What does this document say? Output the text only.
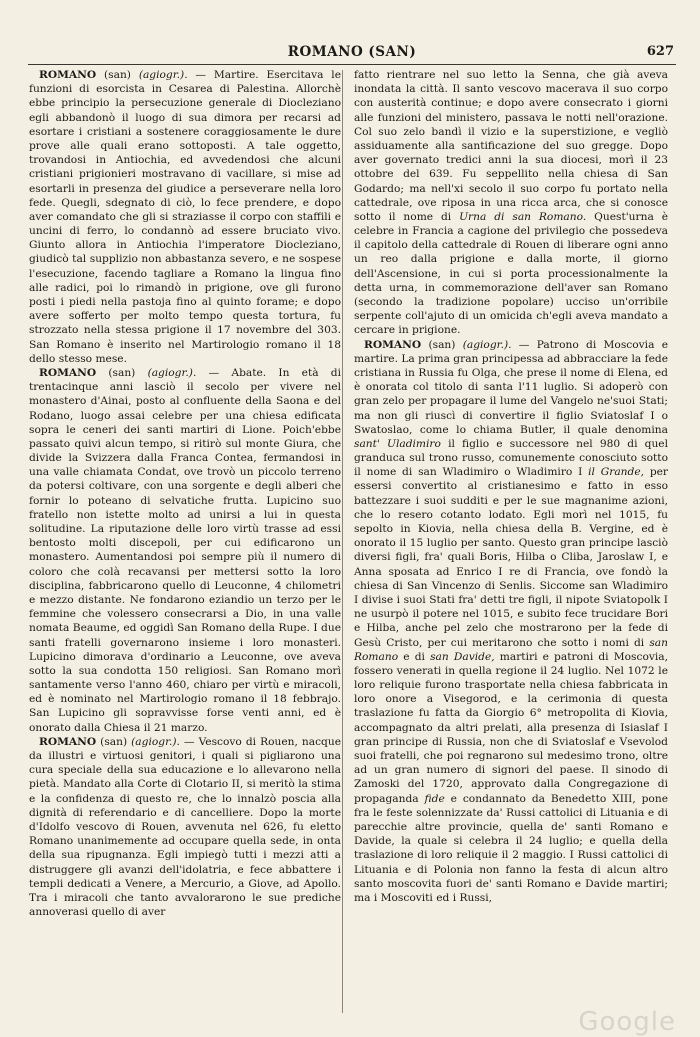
ROMANO (SAN)	627

ROMANO (san) (agiogr.). — Martire. Esercitava le funzioni di esorcista in Cesarea di Palestina. Allorchè ebbe principio la persecuzione generale di Diocleziano egli abbandonò il luogo di sua dimora per recarsi ad esortare i cristiani a sostenere coraggiosamente le dure prove alle quali erano sottoposti. A tale oggetto, trovandosi in Antiochia, ed avvedendosi che alcuni cristiani prigionieri mostravano di vacillare, si mise ad esortarli in presenza del giudice a perseverare nella loro fede. Quegli, sdegnato di ciò, lo fece prendere, e dopo aver comandato che gli si straziasse il corpo con staffili e uncini di ferro, lo condannò ad essere bruciato vivo. Giunto allora in Antiochia l'imperatore Diocleziano, giudicò tal supplizio non abbastanza severo, e ne sospese l'esecuzione, facendo tagliare a Romano la lingua fino alle radici, poi lo rimandò in prigione, ove gli furono posti i piedi nella pastoja fino al quinto forame; e dopo avere sofferto per molto tempo questa tortura, fu strozzato nella stessa prigione il 17 novembre del 303. San Romano è inserito nel Martirologio romano il 18 dello stesso mese.

ROMANO (san) (agiogr.). — Abate. In età di trentacinque anni lasciò il secolo per vivere nel monastero d'Ainai, posto al confluente della Saona e del Rodano, luogo assai celebre per una chiesa edificata sopra le ceneri dei santi martiri di Lione. Poich'ebbe passato quivi alcun tempo, si ritirò sul monte Giura, che divide la Svizzera dalla Franca Contea, fermandosi in una valle chiamata Condat, ove trovò un piccolo terreno da potersi coltivare, con una sorgente e degli alberi che fornir lo poteano di selvatiche frutta. Lupicino suo fratello non istette molto ad unirsi a lui in questa solitudine. La riputazione delle loro virtù trasse ad essi bentosto molti discepoli, per cui edificarono un monastero. Aumentandosi poi sempre più il numero di coloro che colà recavansi per mettersi sotto la loro disciplina, fabbricarono quello di Leuconne, 4 chilometri e mezzo distante. Ne fondarono eziandio un terzo per le femmine che volessero consecrarsi a Dio, in una valle nomata Beaume, ed oggidì San Romano della Rupe. I due santi fratelli governarono insieme i loro monasteri. Lupicino dimorava d'ordinario a Leuconne, ove aveva sotto la sua condotta 150 religiosi. San Romano morì santamente verso l'anno 460, chiaro per virtù e miracoli, ed è nominato nel Martirologio romano il 18 febbrajo. San Lupicino gli sopravvisse forse venti anni, ed è onorato dalla Chiesa il 21 marzo.

ROMANO (san) (agiogr.). — Vescovo di Rouen, nacque da illustri e virtuosi genitori, i quali si pigliarono una cura speciale della sua educazione e lo allevarono nella pietà. Mandato alla Corte di Clotario II, si meritò la stima e la confidenza di questo re, che lo innalzò poscia alla dignità di referendario e di cancelliere. Dopo la morte d'Idolfo vescovo di Rouen, avvenuta nel 626, fu eletto Romano unanimemente ad occupare quella sede, in onta della sua ripugnanza. Egli impiegò tutti i mezzi atti a distruggere gli avanzi dell'idolatria, e fece abbattere i templi dedicati a Venere, a Mercurio, a Giove, ad Apollo. Tra i miracoli che tanto avvalorarono le sue prediche annoverasi quello di aver

fatto rientrare nel suo letto la Senna, che già aveva inondata la città. Il santo vescovo macerava il suo corpo con austerità continue; e dopo avere consecrato i giorni alle funzioni del ministero, passava le notti nell'orazione. Col suo zelo bandì il vizio e la superstizione, e vegliò assiduamente alla santificazione del suo gregge. Dopo aver governato tredici anni la sua diocesi, morì il 23 ottobre del 639. Fu seppellito nella chiesa di San Godardo; ma nell'xi secolo il suo corpo fu portato nella cattedrale, ove riposa in una ricca arca, che si conosce sotto il nome di Urna di san Romano. Quest'urna è celebre in Francia a cagione del privilegio che possedeva il capitolo della cattedrale di Rouen di liberare ogni anno un reo dalla prigione e dalla morte, il giorno dell'Ascensione, in cui si porta processionalmente la detta urna, in commemorazione dell'aver san Romano (secondo la tradizione popolare) ucciso un'orribile serpente coll'ajuto di un omicida ch'egli aveva mandato a cercare in prigione.

ROMANO (san) (agiogr.). — Patrono di Moscovia e martire. La prima gran principessa ad abbracciare la fede cristiana in Russia fu Olga, che prese il nome di Elena, ed è onorata col titolo di santa l'11 luglio. Si adoperò con gran zelo per propagare il lume del Vangelo ne'suoi Stati; ma non gli riuscì di convertire il figlio Sviatoslaf I o Swatoslao, come lo chiama Butler, il quale denomina sant' Uladimiro il figlio e successore nel 980 di quel granduca sul trono russo, comunemente conosciuto sotto il nome di san Wladimiro o Wladimiro I il Grande, per essersi convertito al cristianesimo e fatto in esso battezzare i suoi sudditi e per le sue magnanime azioni, che lo resero cotanto lodato. Egli morì nel 1015, fu sepolto in Kiovia, nella chiesa della B. Vergine, ed è onorato il 15 luglio per santo. Questo gran principe lasciò diversi figli, fra' quali Boris, Hilba o Cliba, Jaroslaw I, e Anna sposata ad Enrico I re di Francia, ove fondò la chiesa di San Vincenzo di Senlis. Siccome san Wladimiro I divise i suoi Stati fra' detti tre figli, il nipote Sviatopolk I ne usurpò il potere nel 1015, e subito fece trucidare Bori e Hilba, anche pel zelo che mostrarono per la fede di Gesù Cristo, per cui meritarono che sotto i nomi di san Romano e di san Davide, martiri e patroni di Moscovia, fossero venerati in quella regione il 24 luglio. Nel 1072 le loro reliquie furono trasportate nella chiesa fabbricata in loro onore a Visegorod, e la cerimonia di questa traslazione fu fatta da Giorgio 6° metropolita di Kiovia, accompagnato da altri prelati, alla presenza di Isiaslaf I gran principe di Russia, non che di Sviatoslaf e Vsevolod suoi fratelli, che poi regnarono sul medesimo trono, oltre ad un gran numero di signori del paese. Il sinodo di Zamoski del 1720, approvato dalla Congregazione di propaganda fide e condannato da Benedetto XIII, pone fra le feste solennizzate da' Russi cattolici di Lituania e di parecchie altre provincie, quella de' santi Romano e Davide, la quale si celebra il 24 luglio; e quella della traslazione di loro reliquie il 2 maggio. I Russi cattolici di Lituania e di Polonia non fanno la festa di alcun altro santo moscovita fuori de' santi Romano e Davide martiri; ma i Moscoviti ed i Russi,

Google
